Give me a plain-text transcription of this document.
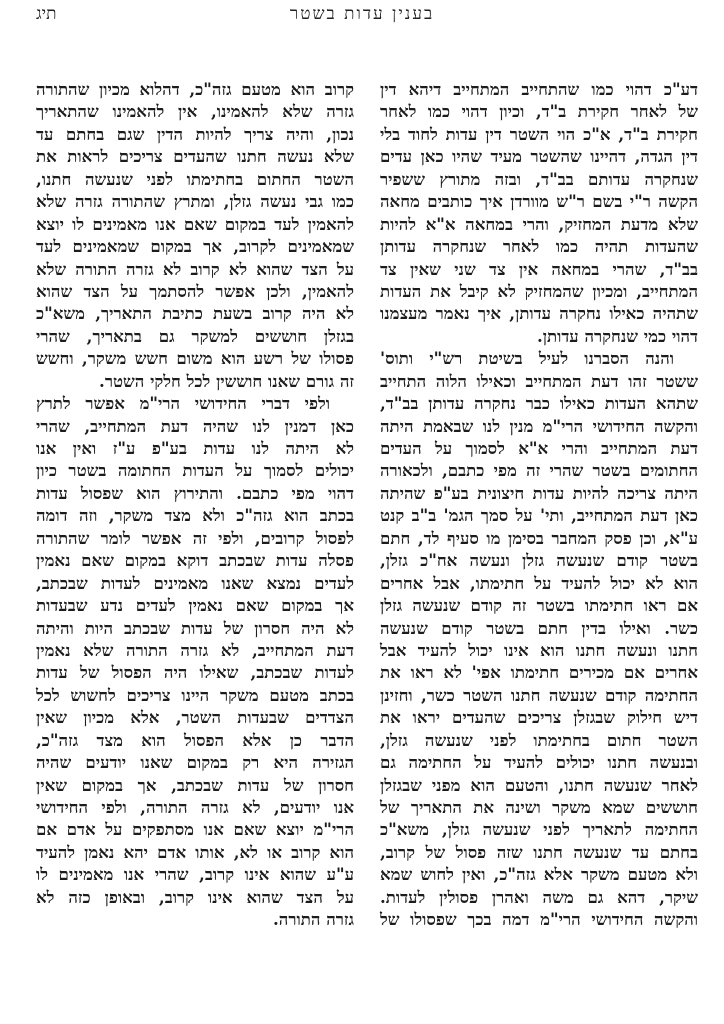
בענין עדות בשטר
תיג
דע"כ דהוי כמו שהתחייב המתחייב דיהא דין
של לאחר חקירת ב"ד, וכיון דהוי כמו לאחר
חקירת ב"ד, א"כ הוי השטר דין עדות לחוד בלי
דין הגדה, דהיינו שהשטר מעיד שהיו כאן עדים
שנחקרה עדותם בב"ד, ובזה מתורץ ששפיר
הקשה ר"י בשם ר"ש מוורדן איך כותבים מחאה
שלא מדעת המחזיק, והרי במחאה א"א להיות
שהעדות תהיה כמו לאחר שנחקרה עדותן
בב"ד, שהרי במחאה אין צד שני שאין צד
המתחייב, ומכיון שהמחזיק לא קיבל את העדות
שתהיה כאילו נחקרה עדותן, איך נאמר מעצמנו
דהוי כמי שנחקרה עדותן.
והנה הסברנו לעיל בשיטת רש"י ותוס'
ששטר זהו דעת המתחייב וכאילו הלוה התחייב
שתהא העדות כאילו כבר נחקרה עדותן בב"ד,
והקשה החידושי הרי"מ מנין לנו שבאמת היתה
דעת המתחייב והרי א"א לסמוך על העדים
החתומים בשטר שהרי זה מפי כתבם, ולכאורה
היתה צריכה להיות עדות חיצונית בע"פ שהיתה
כאן דעת המתחייב, ותי' על סמך הגמ' ב"ב קנט
ע"א, וכן פסק המחבר בסימן מו סעיף לד, חתם
בשטר קודם שנעשה גזלן ונעשה אח"כ גזלן,
הוא לא יכול להעיד על חתימתו, אבל אחרים
אם ראו חתימתו בשטר זה קודם שנעשה גזלן
כשר. ואילו בדין חתם בשטר קודם שנעשה
חתנו ונעשה חתנו הוא אינו יכול להעיד אבל
אחרים אם מכירים חתימתו אפי' לא ראו את
החתימה קודם שנעשה חתנו השטר כשר, וחזינן
דיש חילוק שבגזלן צריכים שהעדים יראו את
השטר חתום בחתימתו לפני שנעשה גזלן,
ובנעשה חתנו יכולים להעיד על החתימה גם
לאחר שנעשה חתנו, והטעם הוא מפני שבגזלן
חוששים שמא משקר ושינה את התאריך של
החתימה לתאריך לפני שנעשה גזלן, משא"כ
בחתם עד שנעשה חתנו שזה פסול של קרוב,
ולא מטעם משקר אלא גזה"כ, ואין לחוש שמא
שיקר, דהא גם משה ואהרן פסולין לעדות.
והקשה החידושי הרי"מ דמה בכך שפסולו של
קרוב הוא מטעם גזה"כ, דהלוא מכיון שהתורה
גזרה שלא להאמינו, אין להאמינו שהתאריך
נכון, והיה צריך להיות הדין שגם בחתם עד
שלא נעשה חתנו שהעדים צריכים לראות את
השטר החתום בחתימתו לפני שנעשה חתנו,
כמו גבי נעשה גזלן, ומתרץ שהתורה גזרה שלא
להאמין לעד במקום שאם אנו מאמינים לו יוצא
שמאמינים לקרוב, אך במקום שמאמינים לעד
על הצד שהוא לא קרוב לא גזרה התורה שלא
להאמין, ולכן אפשר להסתמך על הצד שהוא
לא היה קרוב בשעת כתיבת התאריך, משא"כ
בגזלן חוששים למשקר גם בתאריך, שהרי
פסולו של רשע הוא משום חשש משקר, וחשש
זה גורם שאנו חוששין לכל חלקי השטר.
ולפי דברי החידושי הרי"מ אפשר לתרץ
כאן דמנין לנו שהיה דעת המתחייב, שהרי
לא היתה לנו עדות בע"פ ע"ז ואין אנו
יכולים לסמוך על העדות החתומה בשטר כיון
דהוי מפי כתבם. והתירוץ הוא שפסול עדות
בכתב הוא גזה"כ ולא מצד משקר, וזה דומה
לפסול קרובים, ולפי זה אפשר לומר שהתורה
פסלה עדות שבכתב דוקא במקום שאם נאמין
לעדים נמצא שאנו מאמינים לעדות שבכתב,
אך במקום שאם נאמין לעדים נדע שבעדות
לא היה חסרון של עדות שבכתב היות והיתה
דעת המתחייב, לא גזרה התורה שלא נאמין
לעדות שבכתב, שאילו היה הפסול של עדות
בכתב מטעם משקר היינו צריכים לחשוש לכל
הצדדים שבעדות השטר, אלא מכיון שאין
הדבר כן אלא הפסול הוא מצד גזה"כ,
הגזירה היא רק במקום שאנו יודעים שהיה
חסרון של עדות שבכתב, אך במקום שאין
אנו יודעים, לא גזרה התורה, ולפי החידושי
הרי"מ יוצא שאם אנו מסתפקים על אדם אם
הוא קרוב או לא, אותו אדם יהא נאמן להעיד
ע"ע שהוא אינו קרוב, שהרי אנו מאמינים לו
על הצד שהוא אינו קרוב, ובאופן כזה לא
גזרה התורה.
